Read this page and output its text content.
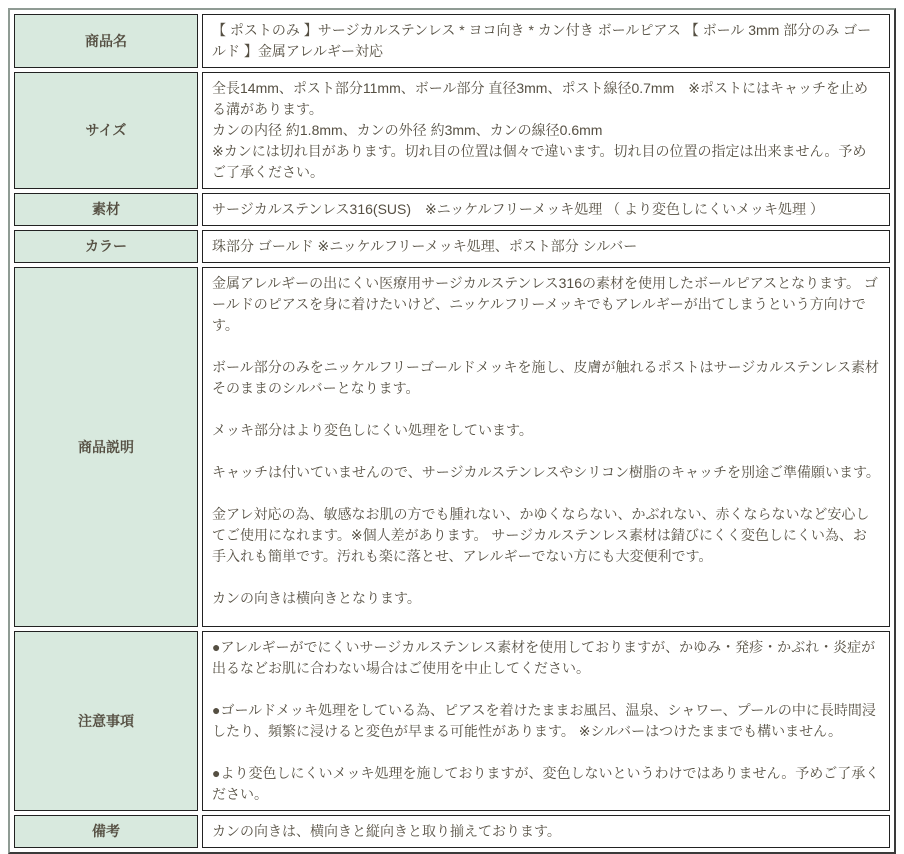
商品名	【 ポストのみ 】サージカルステンレス * ヨコ向き * カン付き ボールピアス 【 ボール 3mm 部分のみ ゴールド 】金属アレルギー対応

サイズ	全長14mm、ポスト部分11mm、ボール部分 直径3mm、ポスト線径0.7mm　※ポストにはキャッチを止める溝があります。

カンの内径 約1.8mm、カンの外径 約3mm、カンの線径0.6mm

※カンには切れ目があります。切れ目の位置は個々で違います。切れ目の位置の指定は出来ません。予めご了承ください。

素材	サージカルステンレス316(SUS)　※ニッケルフリーメッキ処理 （ より変色しにくいメッキ処理 ）

カラー	珠部分 ゴールド ※ニッケルフリーメッキ処理、ポスト部分 シルバー

商品説明	

金属アレルギーの出にくい医療用サージカルステンレス316の素材を使用したボールピアスとなります。 ゴールドのピアスを身に着けたいけど、ニッケルフリーメッキでもアレルギーが出てしまうという方向けです。

ボール部分のみをニッケルフリーゴールドメッキを施し、皮膚が触れるポストはサージカルステンレス素材そのままのシルバーとなります。

メッキ部分はより変色しにくい処理をしています。

キャッチは付いていませんので、サージカルステンレスやシリコン樹脂のキャッチを別途ご準備願います。

金アレ対応の為、敏感なお肌の方でも腫れない、かゆくならない、かぶれない、赤くならないなど安心してご使用になれます。※個人差があります。 サージカルステンレス素材は錆びにくく変色しにくい為、お手入れも簡単です。汚れも楽に落とせ、アレルギーでない方にも大変便利です。

カンの向きは横向きとなります。

注意事項	●アレルギーがでにくいサージカルステンレス素材を使用しておりますが、かゆみ・発疹・かぶれ・炎症が出るなどお肌に合わない場合はご使用を中止してください。

●ゴールドメッキ処理をしている為、ピアスを着けたままお風呂、温泉、シャワー、プールの中に長時間浸したり、頻繁に浸けると変色が早まる可能性があります。 ※シルバーはつけたままでも構いません。

●より変色しにくいメッキ処理を施しておりますが、変色しないというわけではありません。予めご了承ください。

備考	カンの向きは、横向きと縦向きと取り揃えております。
